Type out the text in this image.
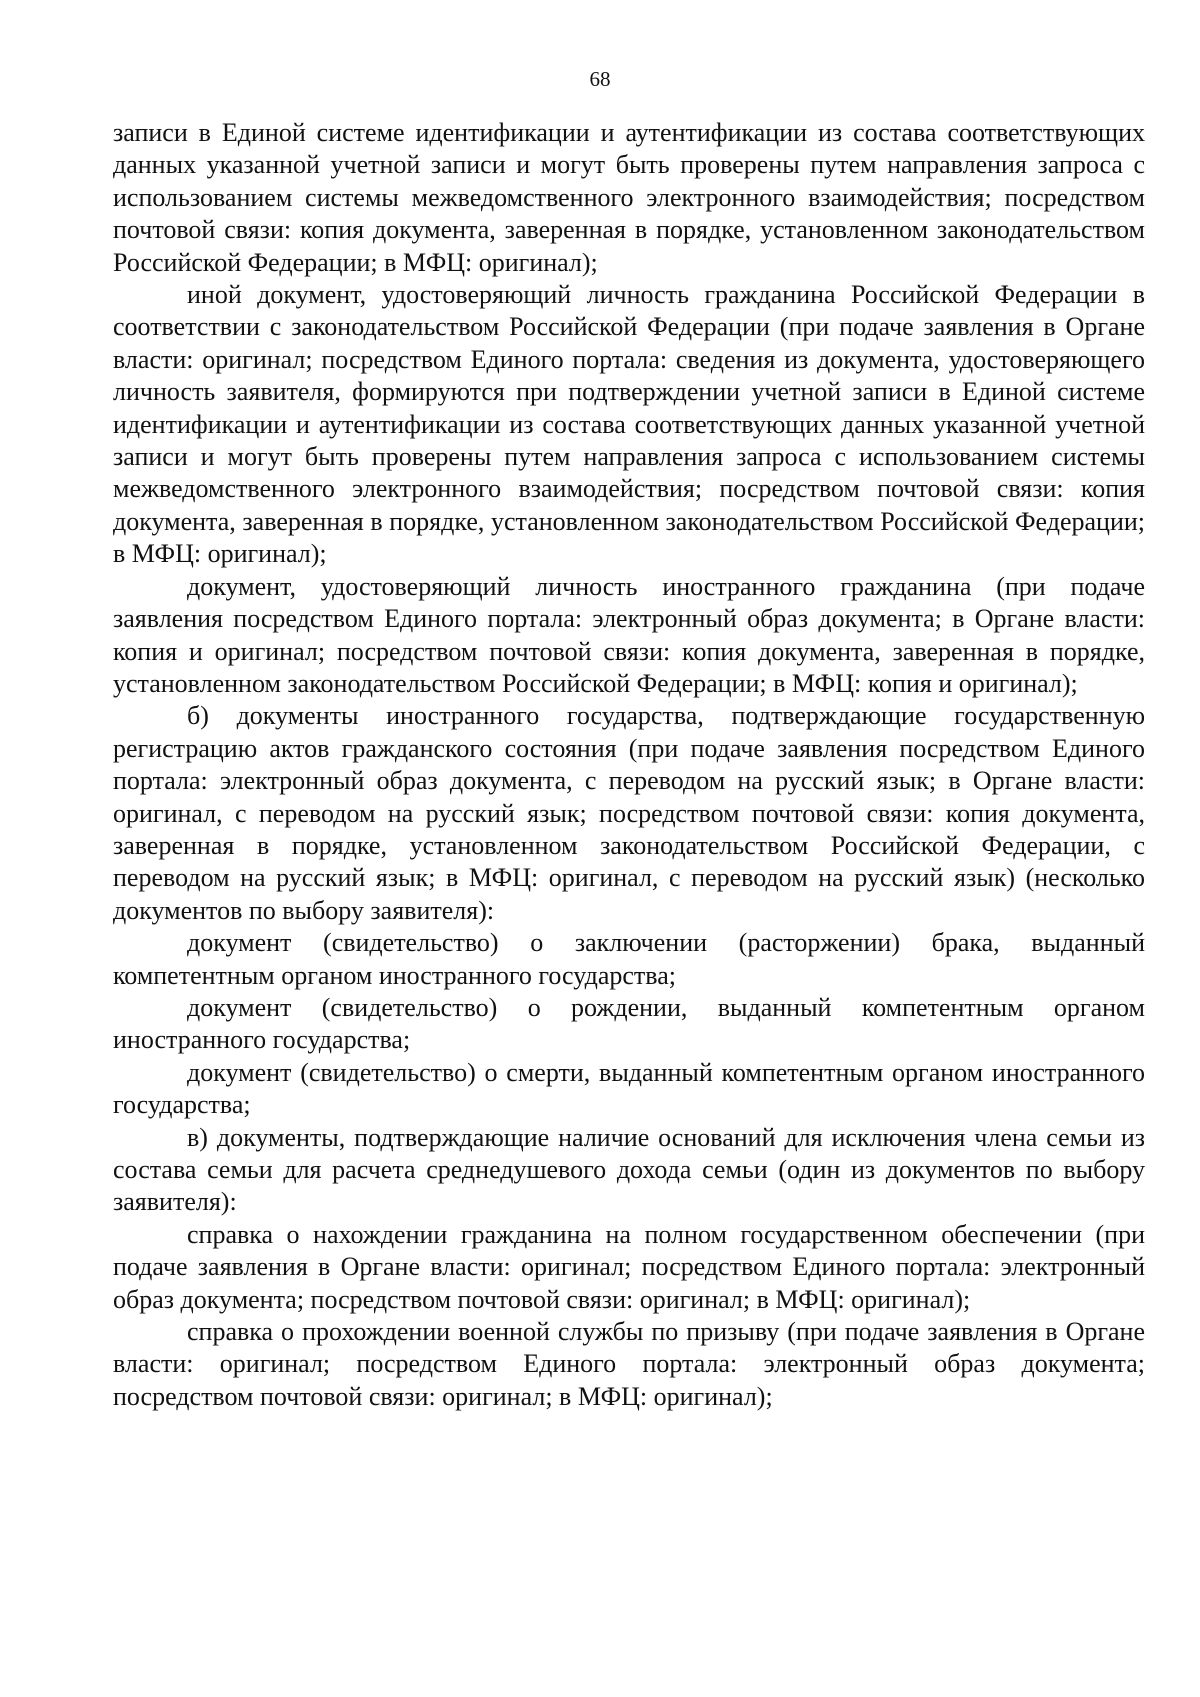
68

записи в Единой системе идентификации и аутентификации из состава соответствующих данных указанной учетной записи и могут быть проверены путем направления запроса с использованием системы межведомственного электронного взаимодействия; посредством почтовой связи: копия документа, заверенная в порядке, установленном законодательством Российской Федерации; в МФЦ: оригинал);

иной документ, удостоверяющий личность гражданина Российской Федерации в соответствии с законодательством Российской Федерации (при подаче заявления в Органе власти: оригинал; посредством Единого портала: сведения из документа, удостоверяющего личность заявителя, формируются при подтверждении учетной записи в Единой системе идентификации и аутентификации из состава соответствующих данных указанной учетной записи и могут быть проверены путем направления запроса с использованием системы межведомственного электронного взаимодействия; посредством почтовой связи: копия документа, заверенная в порядке, установленном законодательством Российской Федерации; в МФЦ: оригинал);

документ, удостоверяющий личность иностранного гражданина (при подаче заявления посредством Единого портала: электронный образ документа; в Органе власти: копия и оригинал; посредством почтовой связи: копия документа, заверенная в порядке, установленном законодательством Российской Федерации; в МФЦ: копия и оригинал);

б) документы иностранного государства, подтверждающие государственную регистрацию актов гражданского состояния (при подаче заявления посредством Единого портала: электронный образ документа, с переводом на русский язык; в Органе власти: оригинал, с переводом на русский язык; посредством почтовой связи: копия документа, заверенная в порядке, установленном законодательством Российской Федерации, с переводом на русский язык; в МФЦ: оригинал, с переводом на русский язык) (несколько документов по выбору заявителя):

документ (свидетельство) о заключении (расторжении) брака, выданный компетентным органом иностранного государства;

документ (свидетельство) о рождении, выданный компетентным органом иностранного государства;

документ (свидетельство) о смерти, выданный компетентным органом иностранного государства;

в) документы, подтверждающие наличие оснований для исключения члена семьи из состава семьи для расчета среднедушевого дохода семьи (один из документов по выбору заявителя):

справка о нахождении гражданина на полном государственном обеспечении (при подаче заявления в Органе власти: оригинал; посредством Единого портала: электронный образ документа; посредством почтовой связи: оригинал; в МФЦ: оригинал);

справка о прохождении военной службы по призыву (при подаче заявления в Органе власти: оригинал; посредством Единого портала: электронный образ документа; посредством почтовой связи: оригинал; в МФЦ: оригинал);
